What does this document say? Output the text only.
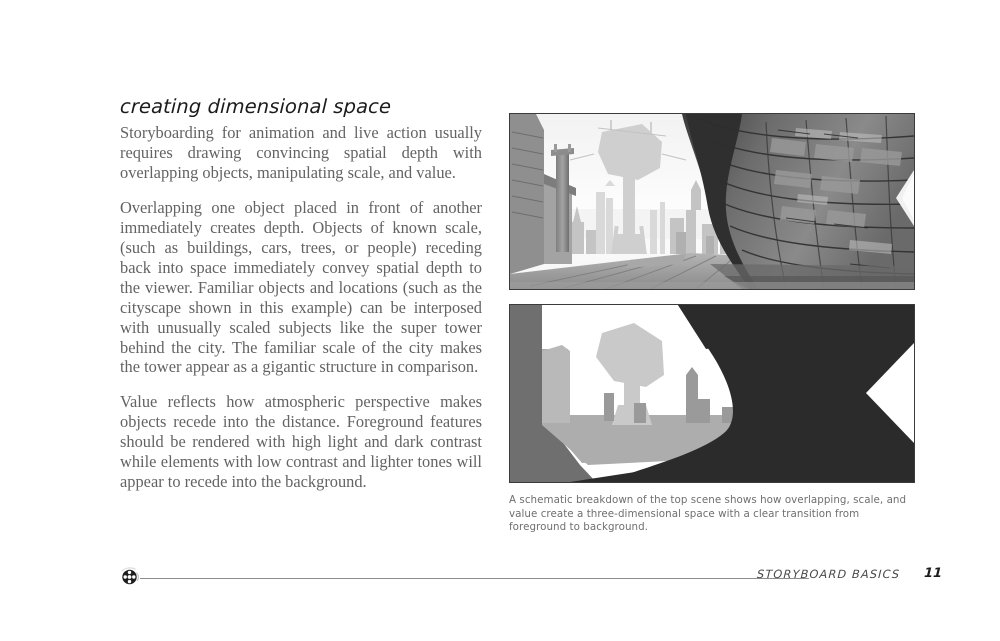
creating dimensional space

Storyboarding for animation and live action usually requires drawing convincing spatial depth with overlapping objects, manipulating scale, and value.

Overlapping one object placed in front of another immediately creates depth. Objects of known scale, (such as buildings, cars, trees, or people) receding back into space immediately convey spatial depth to the viewer. Familiar objects and locations (such as the cityscape shown in this example) can be interposed with unusually scaled subjects like the super tower behind the city. The familiar scale of the city makes the tower appear as a gigantic structure in comparison.

Value reflects how atmospheric perspective makes objects recede into the distance. Foreground features should be rendered with high light and dark contrast while elements with low contrast and lighter tones will appear to recede into the background.

A schematic breakdown of the top scene shows how overlapping, scale, and value create a three-dimensional space with a clear transition from foreground to background.
STORYBOARD BASICS 11
